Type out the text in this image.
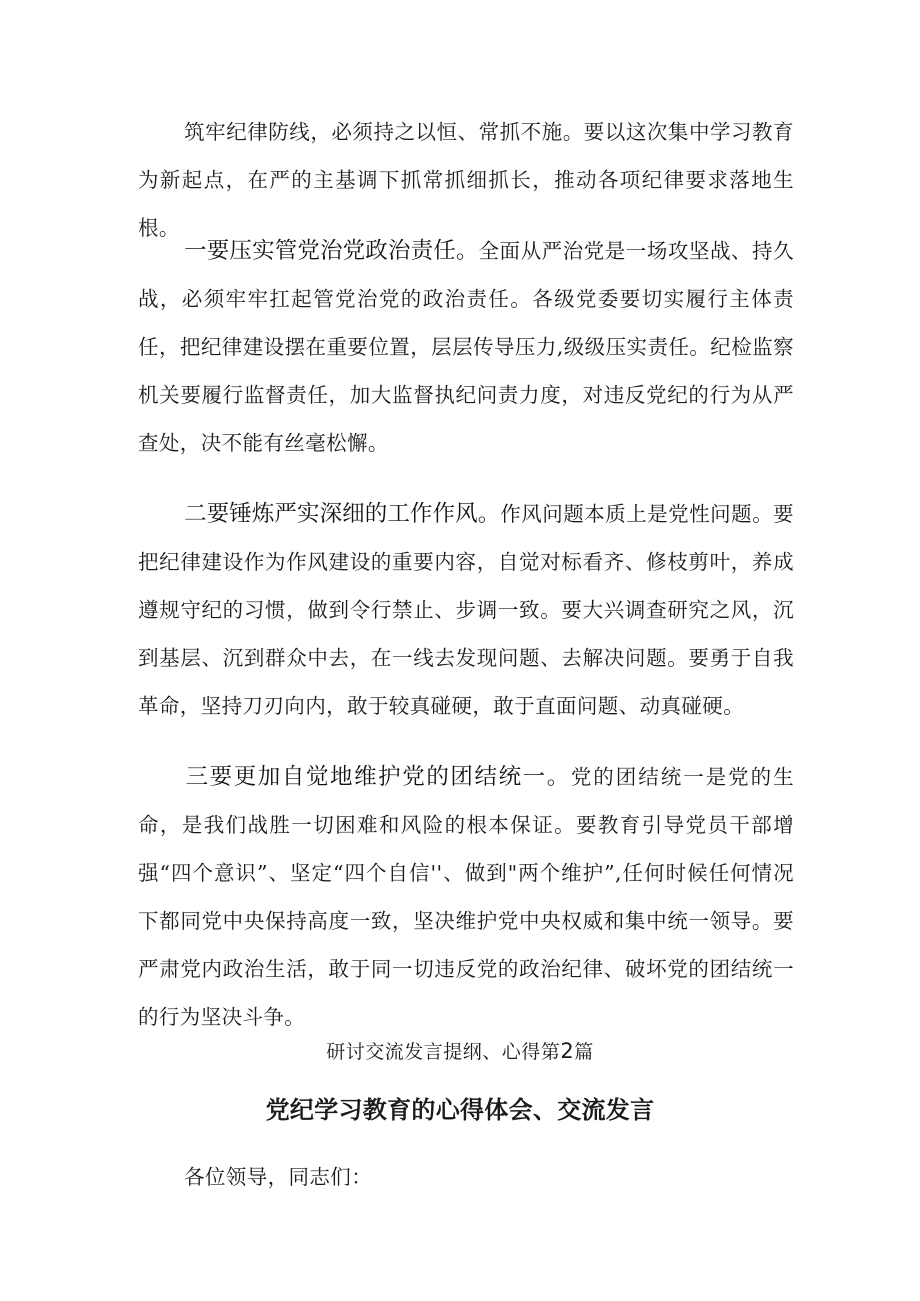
筑牢纪律防线，必须持之以恒、常抓不施。要以这次集中学习教育为新起点，在严的主基调下抓常抓细抓长，推动各项纪律要求落地生根。

一要压实管党治党政治责任。全面从严治党是一场攻坚战、持久战，必须牢牢扛起管党治党的政治责任。各级党委要切实履行主体责任，把纪律建设摆在重要位置，层层传导压力,级级压实责任。纪检监察机关要履行监督责任，加大监督执纪问责力度，对违反党纪的行为从严查处，决不能有丝毫松懈。

二要锤炼严实深细的工作作风。作风问题本质上是党性问题。要把纪律建设作为作风建设的重要内容，自觉对标看齐、修枝剪叶，养成遵规守纪的习惯，做到令行禁止、步调一致。要大兴调查研究之风，沉到基层、沉到群众中去，在一线去发现问题、去解决问题。要勇于自我革命，坚持刀刃向内，敢于较真碰硬，敢于直面问题、动真碰硬。

三要更加自觉地维护党的团结统一。党的团结统一是党的生命，是我们战胜一切困难和风险的根本保证。要教育引导党员干部增强“四个意识”、坚定“四个自信''、做到"两个维护”,任何时候任何情况下都同党中央保持高度一致，坚决维护党中央权威和集中统一领导。要严肃党内政治生活，敢于同一切违反党的政治纪律、破坏党的团结统一的行为坚决斗争。

研讨交流发言提纲、心得第2篇

党纪学习教育的心得体会、交流发言

各位领导，同志们：
